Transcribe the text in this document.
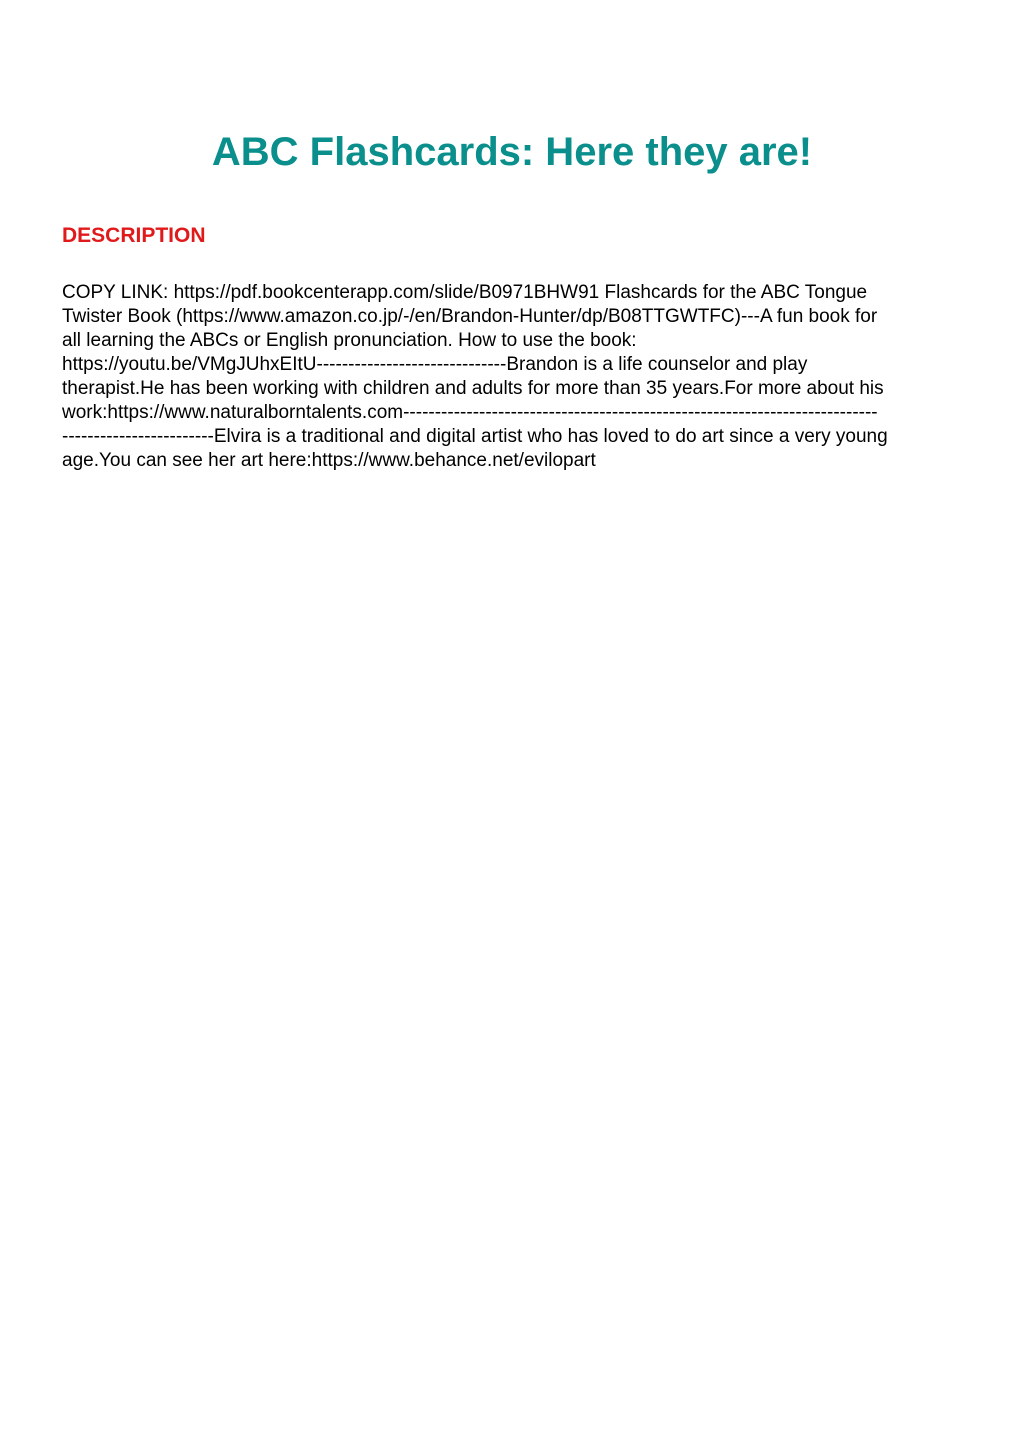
ABC Flashcards: Here they are!
DESCRIPTION
COPY LINK: https://pdf.bookcenterapp.com/slide/B0971BHW91 Flashcards for the ABC Tongue
Twister Book (https://www.amazon.co.jp/-/en/Brandon-Hunter/dp/B08TTGWTFC)---A fun book for
all learning the ABCs or English pronunciation. How to use the book:
https://youtu.be/VMgJUhxEItU------------------------------Brandon is a life counselor and play
therapist.He has been working with children and adults for more than 35 years.For more about his
work:https://www.naturalborntalents.com---------------------------------------------------------------------------
------------------------Elvira is a traditional and digital artist who has loved to do art since a very young
age.You can see her art here:https://www.behance.net/evilopart
